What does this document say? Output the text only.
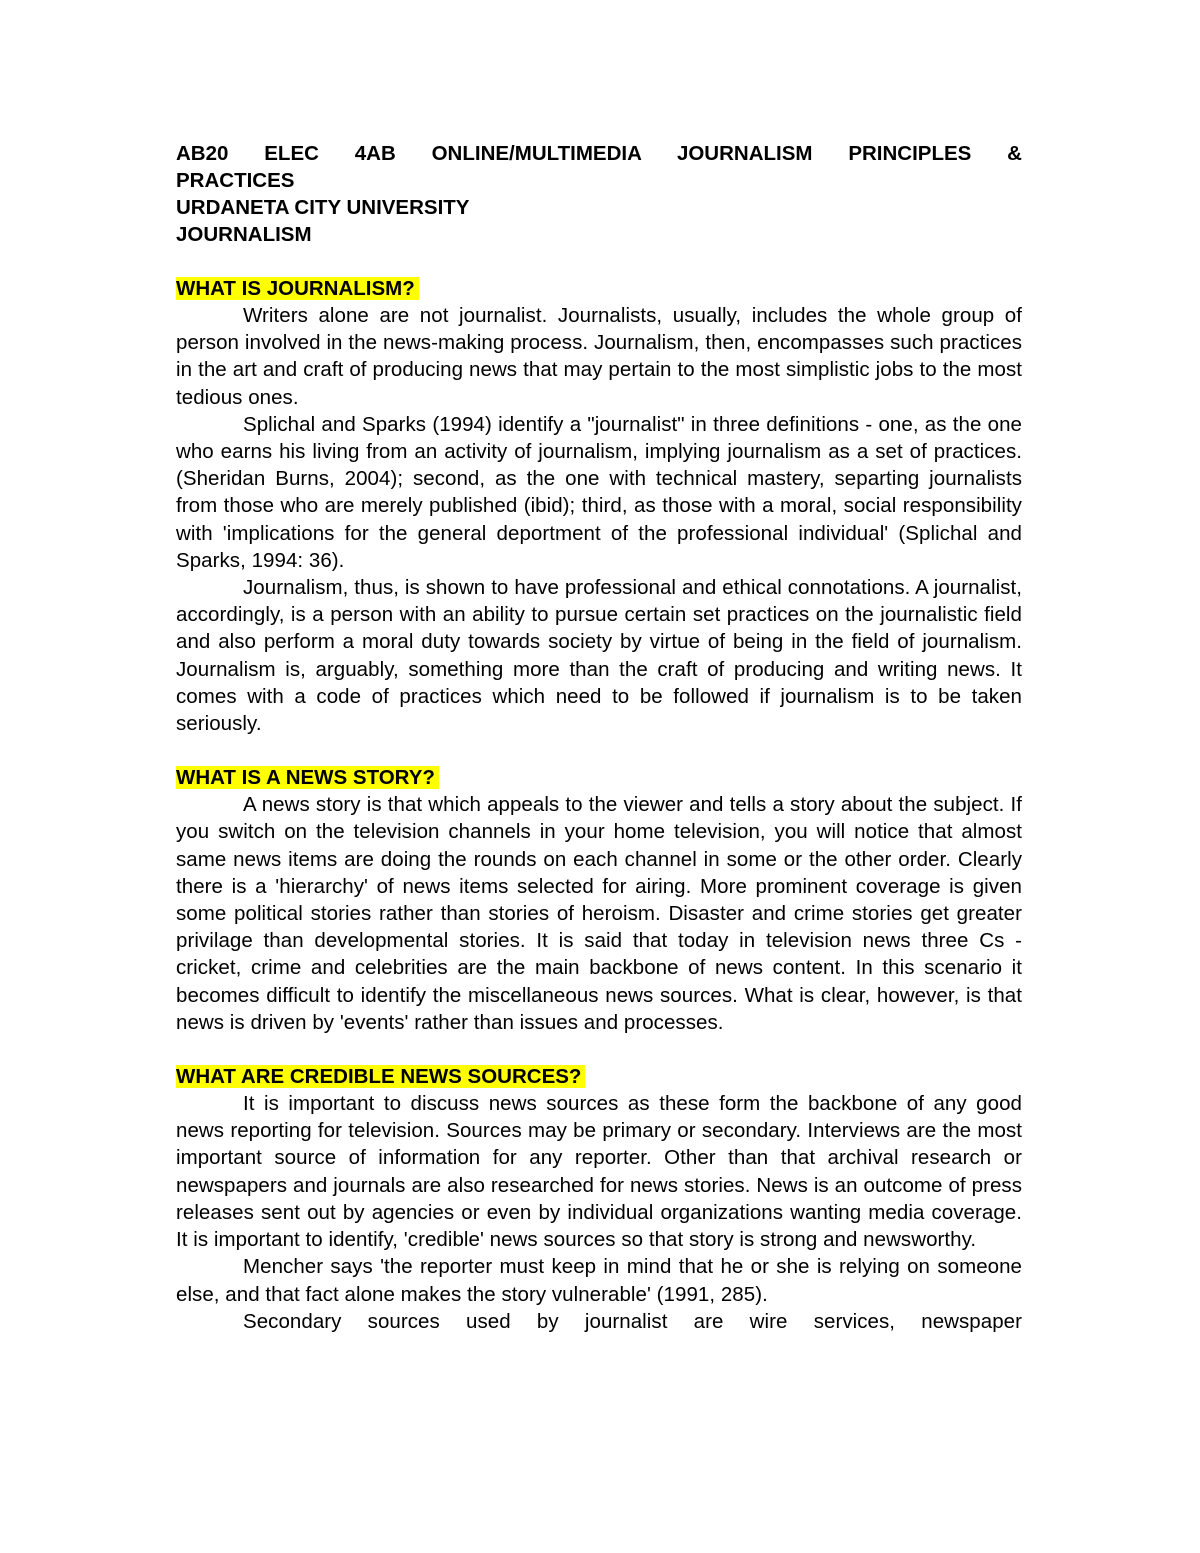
AB20 ELEC 4AB ONLINE/MULTIMEDIA JOURNALISM PRINCIPLES &

PRACTICES

URDANETA CITY UNIVERSITY

JOURNALISM

WHAT IS JOURNALISM?

Writers alone are not journalist. Journalists, usually, includes the whole group of person involved in the news-making process. Journalism, then, encompasses such practices in the art and craft of producing news that may pertain to the most simplistic jobs to the most tedious ones.

Splichal and Sparks (1994) identify a "journalist" in three definitions - one, as the one who earns his living from an activity of journalism, implying journalism as a set of practices. (Sheridan Burns, 2004); second, as the one with technical mastery, separting journalists from those who are merely published (ibid); third, as those with a moral, social responsibility with 'implications for the general deportment of the professional individual' (Splichal and Sparks, 1994: 36).

Journalism, thus, is shown to have professional and ethical connotations. A journalist, accordingly, is a person with an ability to pursue certain set practices on the journalistic field and also perform a moral duty towards society by virtue of being in the field of journalism. Journalism is, arguably, something more than the craft of producing and writing news. It comes with a code of practices which need to be followed if journalism is to be taken seriously.

WHAT IS A NEWS STORY?

A news story is that which appeals to the viewer and tells a story about the subject. If you switch on the television channels in your home television, you will notice that almost same news items are doing the rounds on each channel in some or the other order. Clearly there is a 'hierarchy' of news items selected for airing. More prominent coverage is given some political stories rather than stories of heroism. Disaster and crime stories get greater privilage than developmental stories. It is said that today in television news three Cs - cricket, crime and celebrities are the main backbone of news content. In this scenario it becomes difficult to identify the miscellaneous news sources. What is clear, however, is that news is driven by 'events' rather than issues and processes.

WHAT ARE CREDIBLE NEWS SOURCES?

It is important to discuss news sources as these form the backbone of any good news reporting for television. Sources may be primary or secondary. Interviews are the most important source of information for any reporter. Other than that archival research or newspapers and journals are also researched for news stories. News is an outcome of press releases sent out by agencies or even by individual organizations wanting media coverage. It is important to identify, 'credible' news sources so that story is strong and newsworthy.

Mencher says 'the reporter must keep in mind that he or she is relying on someone else, and that fact alone makes the story vulnerable' (1991, 285).

Secondary sources used by journalist are wire services, newspaper
